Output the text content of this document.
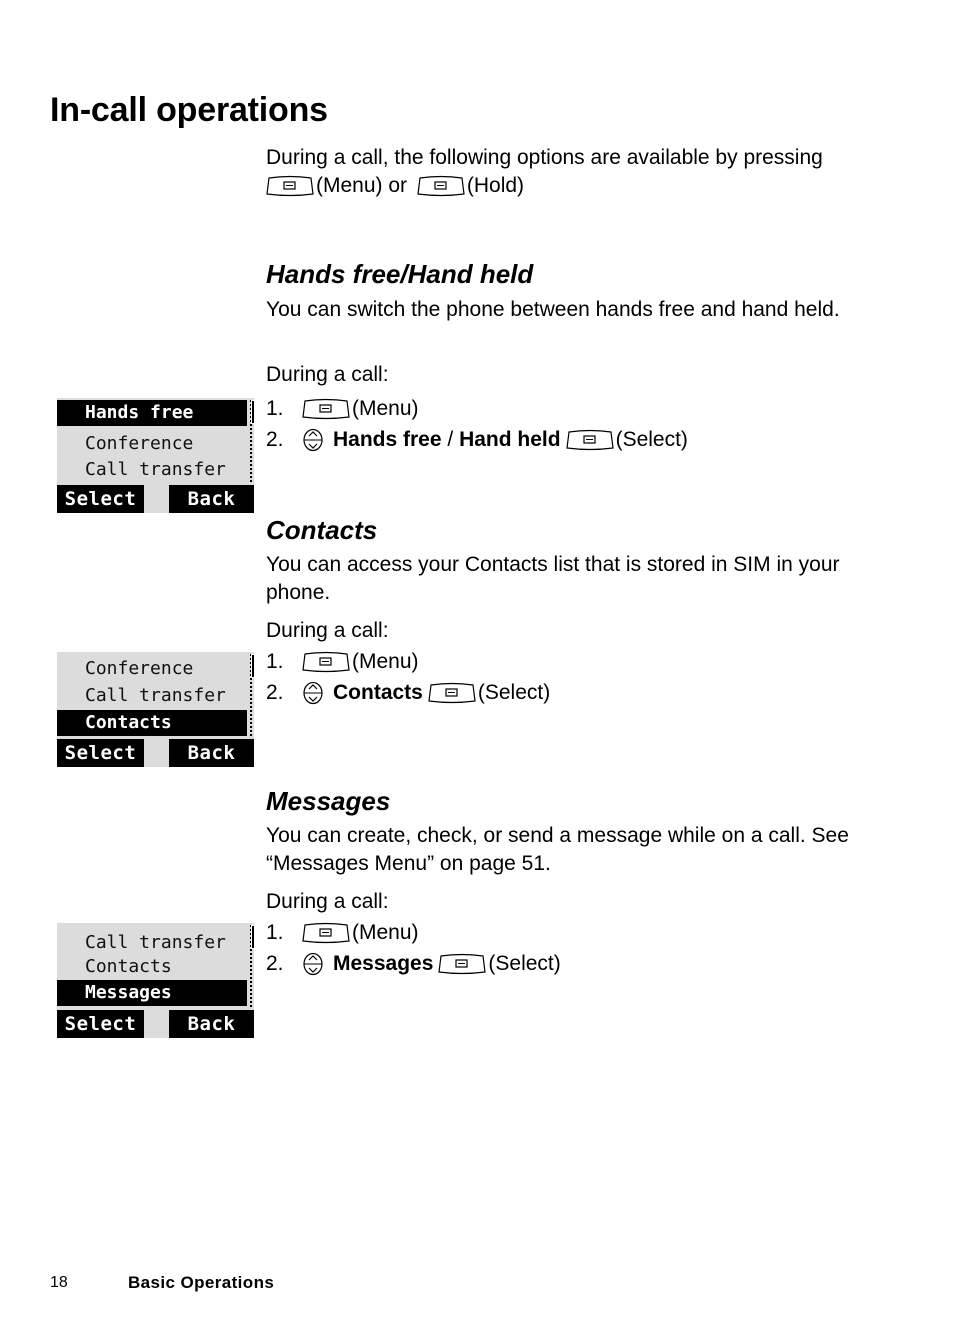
In-call operations

During a call, the following options are available by pressing
(Menu) or	(Hold)

Hands free/Hand held

You can switch the phone between hands free and hand held.

During a call:

1.	(Menu)
2.	Hands free / Hand held	(Select)
Hands free
Conference
Call transfer
Select	Back
Contacts

You can access your Contacts list that is stored in SIM in your phone.

During a call:

1.	(Menu)
2.	Contacts	(Select)
Conference
Call transfer
Contacts
Select	Back
Messages

You can create, check, or send a message while on a call. See “Messages Menu” on page 51.

During a call:

1.	(Menu)
2.	Messages	(Select)
Call transfer
Contacts
Messages
Select	Back
18	Basic Operations
